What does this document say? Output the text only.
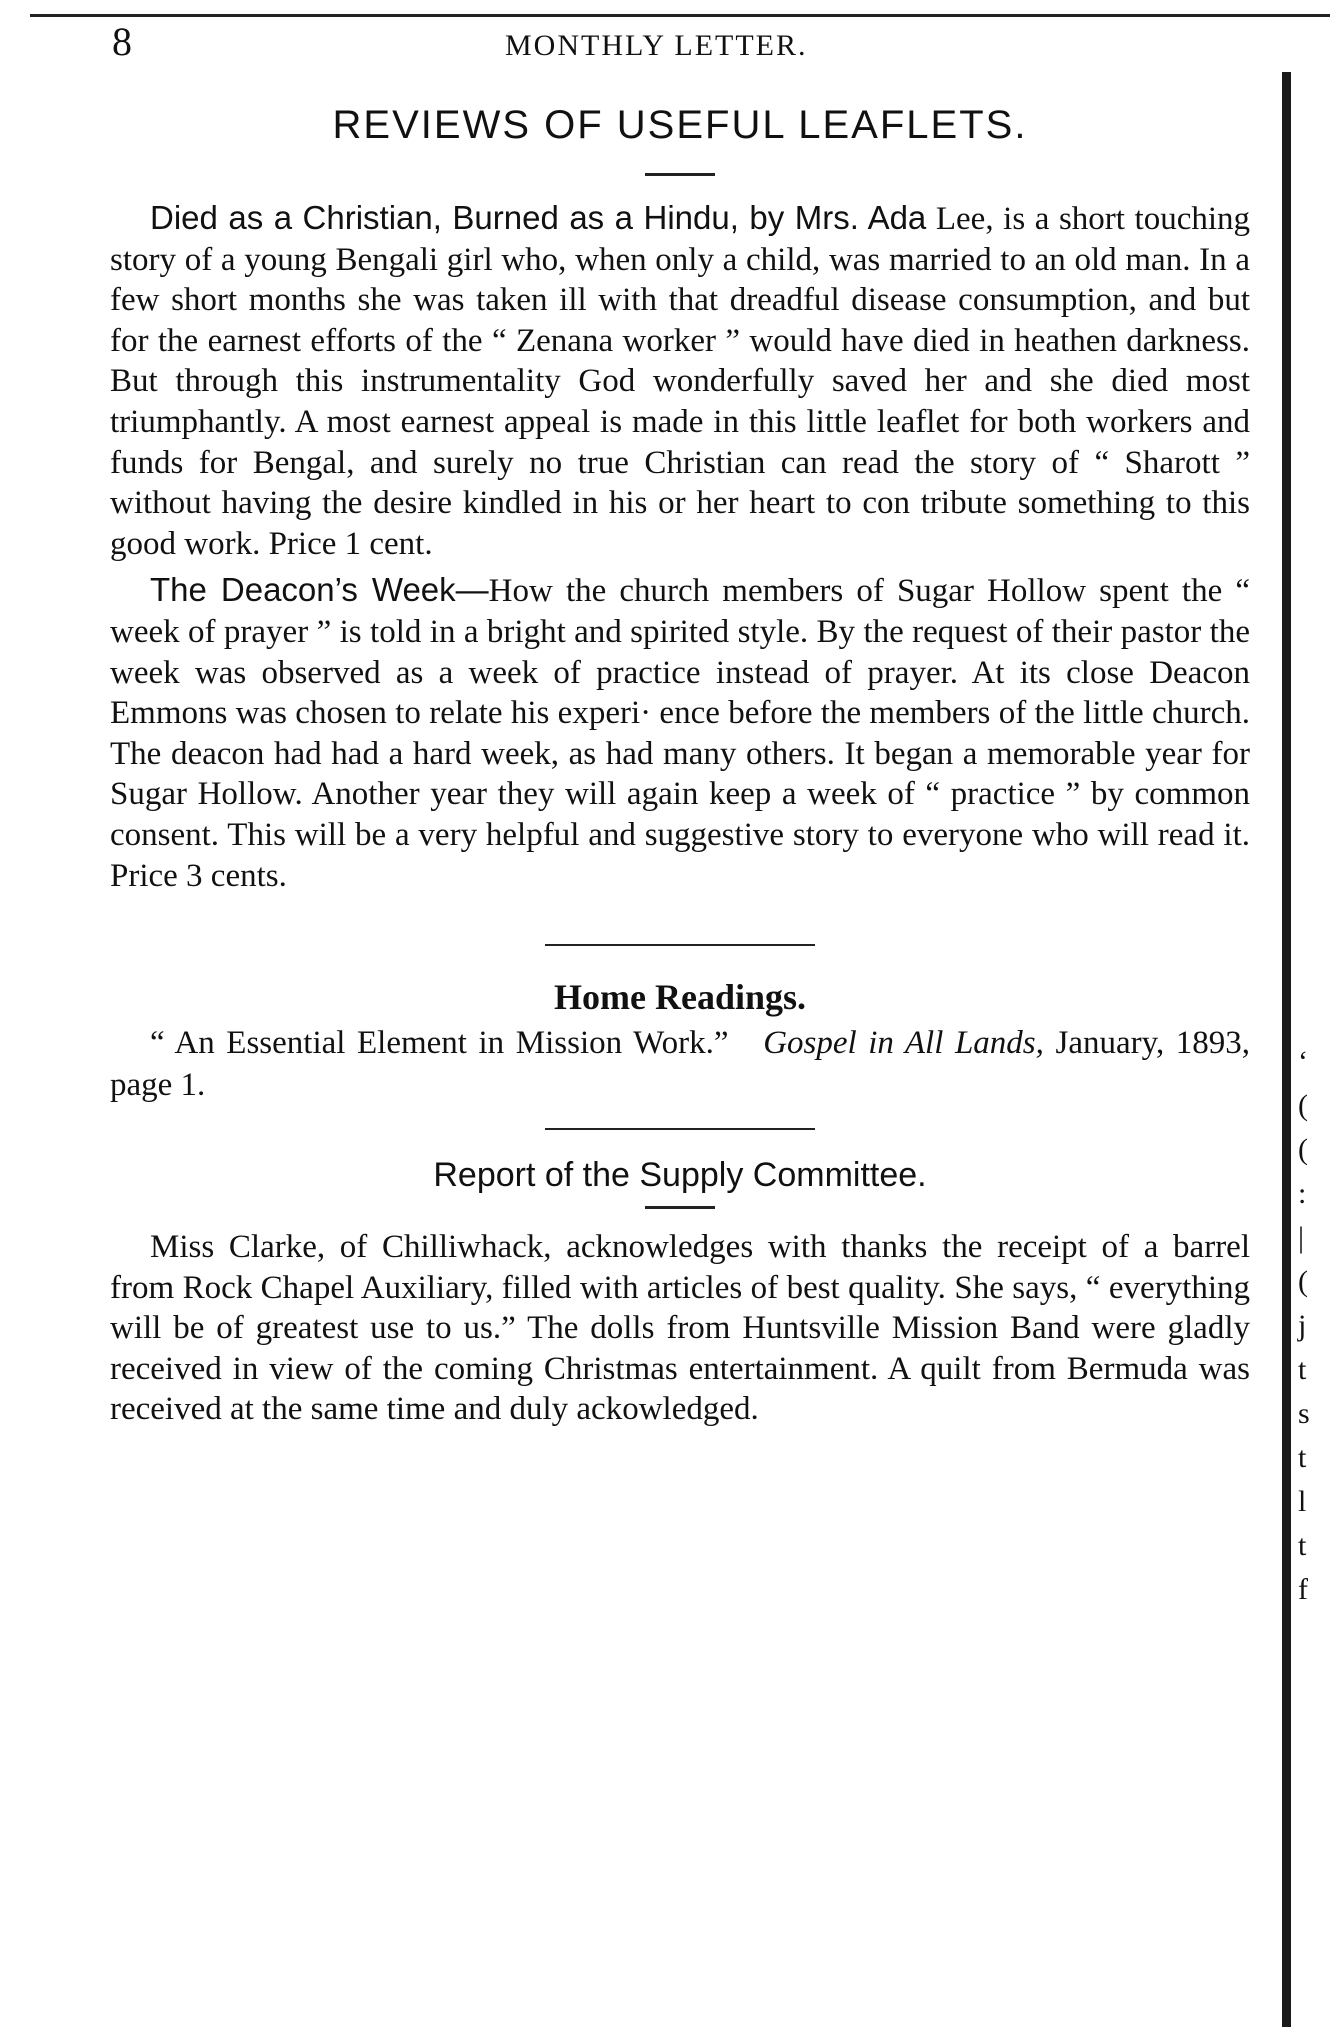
8	MONTHLY LETTER.
‘
(
(
:
|
(
j
t
s
t
l
t
f
REVIEWS OF USEFUL LEAFLETS.

Died as a Christian, Burned as a Hindu, by Mrs. Ada Lee, is a short touching story of a young Bengali girl who, when only a child, was married to an old man. In a few short months she was taken ill with that dreadful disease consumption, and but for the earnest efforts of the “ Zenana worker ” would have died in heathen darkness. But through this instrumentality God wonderfully saved her and she died most triumphantly. A most earnest appeal is made in this little leaflet for both workers and funds for Bengal, and surely no true Christian can read the story of “ Sharott ” without having the desire kindled in his or her heart to con tribute something to this good work. Price 1 cent.

The Deacon’s Week—How the church members of Sugar Hollow spent the “ week of prayer ” is told in a bright and spirited style. By the request of their pastor the week was observed as a week of practice instead of prayer. At its close Deacon Emmons was chosen to relate his experi· ence before the members of the little church. The deacon had had a hard week, as had many others. It began a memorable year for Sugar Hollow. Another year they will again keep a week of “ practice ” by common consent. This will be a very helpful and suggestive story to everyone who will read it. Price 3 cents.

Home Readings.

“ An Essential Element in Mission Work.” Gospel in All Lands, January, 1893, page 1.

Report of the Supply Committee.

Miss Clarke, of Chilliwhack, acknowledges with thanks the receipt of a barrel from Rock Chapel Auxiliary, filled with articles of best quality. She says, “ everything will be of greatest use to us.” The dolls from Huntsville Mission Band were gladly received in view of the coming Christmas entertainment. A quilt from Bermuda was received at the same time and duly ackowledged.
